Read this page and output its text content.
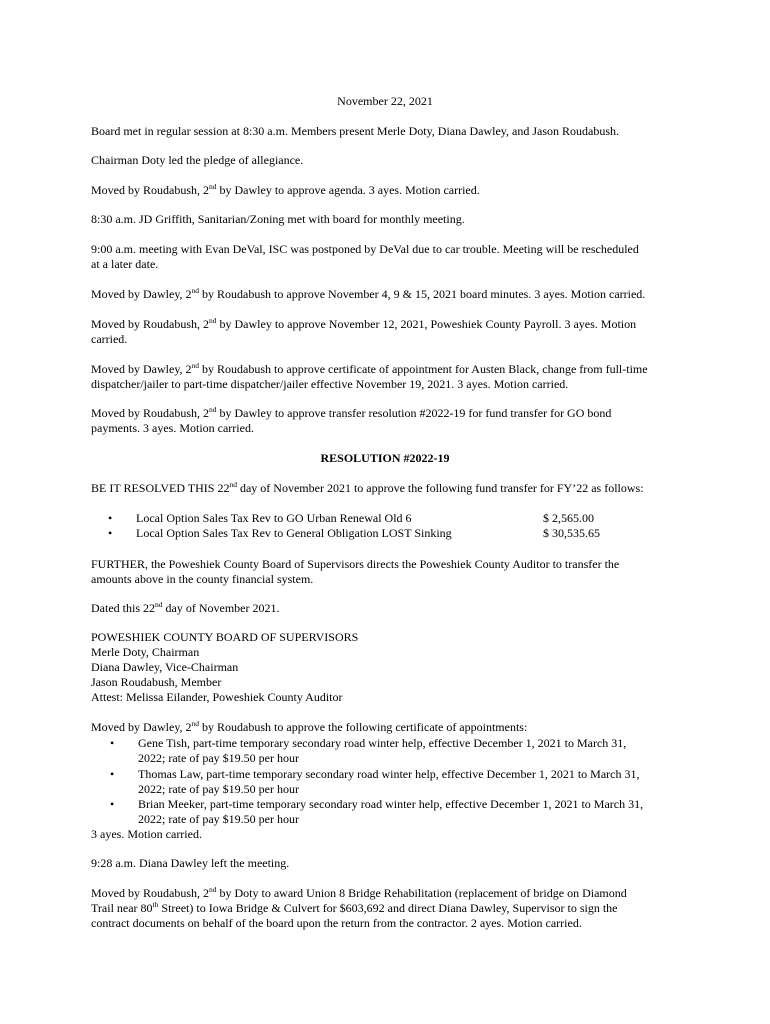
November 22, 2021

Board met in regular session at 8:30 a.m. Members present Merle Doty, Diana Dawley, and Jason Roudabush.

Chairman Doty led the pledge of allegiance.

Moved by Roudabush, 2nd by Dawley to approve agenda. 3 ayes. Motion carried.

8:30 a.m. JD Griffith, Sanitarian/Zoning met with board for monthly meeting.

9:00 a.m. meeting with Evan DeVal, ISC was postponed by DeVal due to car trouble. Meeting will be rescheduled
at a later date.

Moved by Dawley, 2nd by Roudabush to approve November 4, 9 & 15, 2021 board minutes. 3 ayes. Motion carried.

Moved by Roudabush, 2nd by Dawley to approve November 12, 2021, Poweshiek County Payroll. 3 ayes. Motion
carried.

Moved by Dawley, 2nd by Roudabush to approve certificate of appointment for Austen Black, change from full-time
dispatcher/jailer to part-time dispatcher/jailer effective November 19, 2021. 3 ayes. Motion carried.

Moved by Roudabush, 2nd by Dawley to approve transfer resolution #2022-19 for fund transfer for GO bond
payments. 3 ayes. Motion carried.

RESOLUTION #2022-19

BE IT RESOLVED THIS 22nd day of November 2021 to approve the following fund transfer for FY’22 as follows:

• Local Option Sales Tax Rev to GO Urban Renewal Old 6	$ 2,565.00
• Local Option Sales Tax Rev to General Obligation LOST Sinking	$ 30,535.65

FURTHER, the Poweshiek County Board of Supervisors directs the Poweshiek County Auditor to transfer the
amounts above in the county financial system.

Dated this 22nd day of November 2021.

POWESHIEK COUNTY BOARD OF SUPERVISORS
Merle Doty, Chairman
Diana Dawley, Vice-Chairman
Jason Roudabush, Member
Attest: Melissa Eilander, Poweshiek County Auditor

Moved by Dawley, 2nd by Roudabush to approve the following certificate of appointments:

• Gene Tish, part-time temporary secondary road winter help, effective December 1, 2021 to March 31,
2022; rate of pay $19.50 per hour
• Thomas Law, part-time temporary secondary road winter help, effective December 1, 2021 to March 31,
2022; rate of pay $19.50 per hour
• Brian Meeker, part-time temporary secondary road winter help, effective December 1, 2021 to March 31,
2022; rate of pay $19.50 per hour

3 ayes. Motion carried.

9:28 a.m. Diana Dawley left the meeting.

Moved by Roudabush, 2nd by Doty to award Union 8 Bridge Rehabilitation (replacement of bridge on Diamond
Trail near 80th Street) to Iowa Bridge & Culvert for $603,692 and direct Diana Dawley, Supervisor to sign the
contract documents on behalf of the board upon the return from the contractor. 2 ayes. Motion carried.
